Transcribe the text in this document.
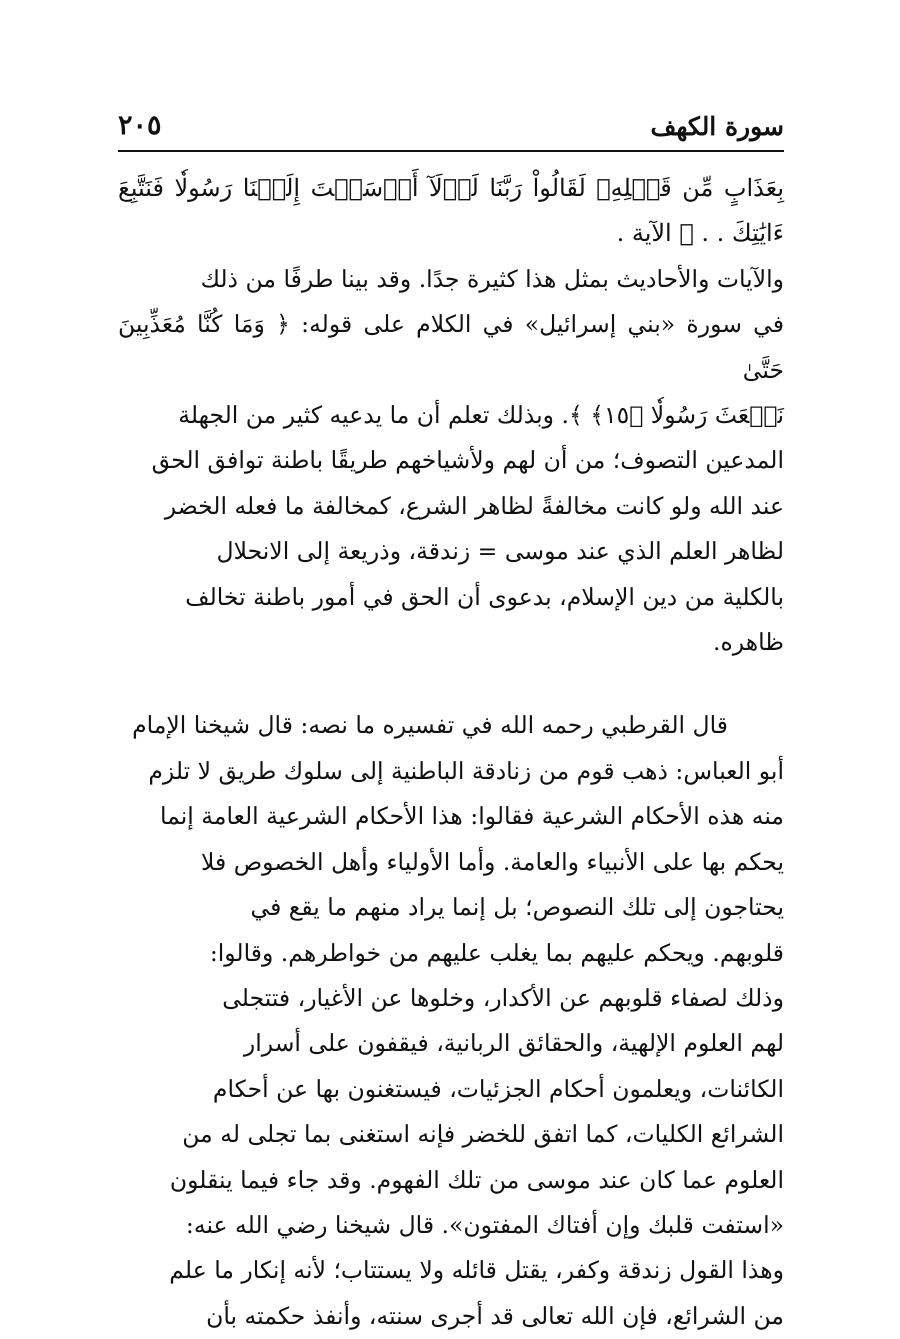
سورة الكهف
٢٠٥
بِعَذَابٍ مِّن قَبۡلِهِۦ لَقَالُواْ رَبَّنَا لَوۡلَآ أَرۡسَلۡتَ إِلَيۡنَا رَسُولٗا فَنَتَّبِعَ ءَايَٰتِكَ . . ﴾ الآية .
والآيات والأحاديث بمثل هذا كثيرة جدًا. وقد بينا طرفًا من ذلك
في سورة «بني إسرائيل» في الكلام على قوله: ﴿ وَمَا كُنَّا مُعَذِّبِينَ حَتَّىٰ
نَبۡعَثَ رَسُولٗا ﴿١٥﴾ ﴾. وبذلك تعلم أن ما يدعيه كثير من الجهلة
المدعين التصوف؛ من أن لهم ولأشياخهم طريقًا باطنة توافق الحق
عند الله ولو كانت مخالفةً لظاهر الشرع، كمخالفة ما فعله الخضر
لظاهر العلم الذي عند موسى = زندقة، وذريعة إلى الانحلال
بالكلية من دين الإسلام، بدعوى أن الحق في أمور باطنة تخالف
ظاهره.
قال القرطبي رحمه الله في تفسيره ما نصه: قال شيخنا الإمام
أبو العباس: ذهب قوم من زنادقة الباطنية إلى سلوك طريق لا تلزم
منه هذه الأحكام الشرعية فقالوا: هذا الأحكام الشرعية العامة إنما
يحكم بها على الأنبياء والعامة. وأما الأولياء وأهل الخصوص فلا
يحتاجون إلى تلك النصوص؛ بل إنما يراد منهم ما يقع في
قلوبهم. ويحكم عليهم بما يغلب عليهم من خواطرهم. وقالوا:
وذلك لصفاء قلوبهم عن الأكدار، وخلوها عن الأغيار، فتتجلى
لهم العلوم الإلهية، والحقائق الربانية، فيقفون على أسرار
الكائنات، ويعلمون أحكام الجزئيات، فيستغنون بها عن أحكام
الشرائع الكليات، كما اتفق للخضر فإنه استغنى بما تجلى له من
العلوم عما كان عند موسى من تلك الفهوم. وقد جاء فيما ينقلون
«استفت قلبك وإن أفتاك المفتون». قال شيخنا رضي الله عنه:
وهذا القول زندقة وكفر، يقتل قائله ولا يستتاب؛ لأنه إنكار ما علم
من الشرائع، فإن الله تعالى قد أجرى سنته، وأنفذ حكمته بأن
